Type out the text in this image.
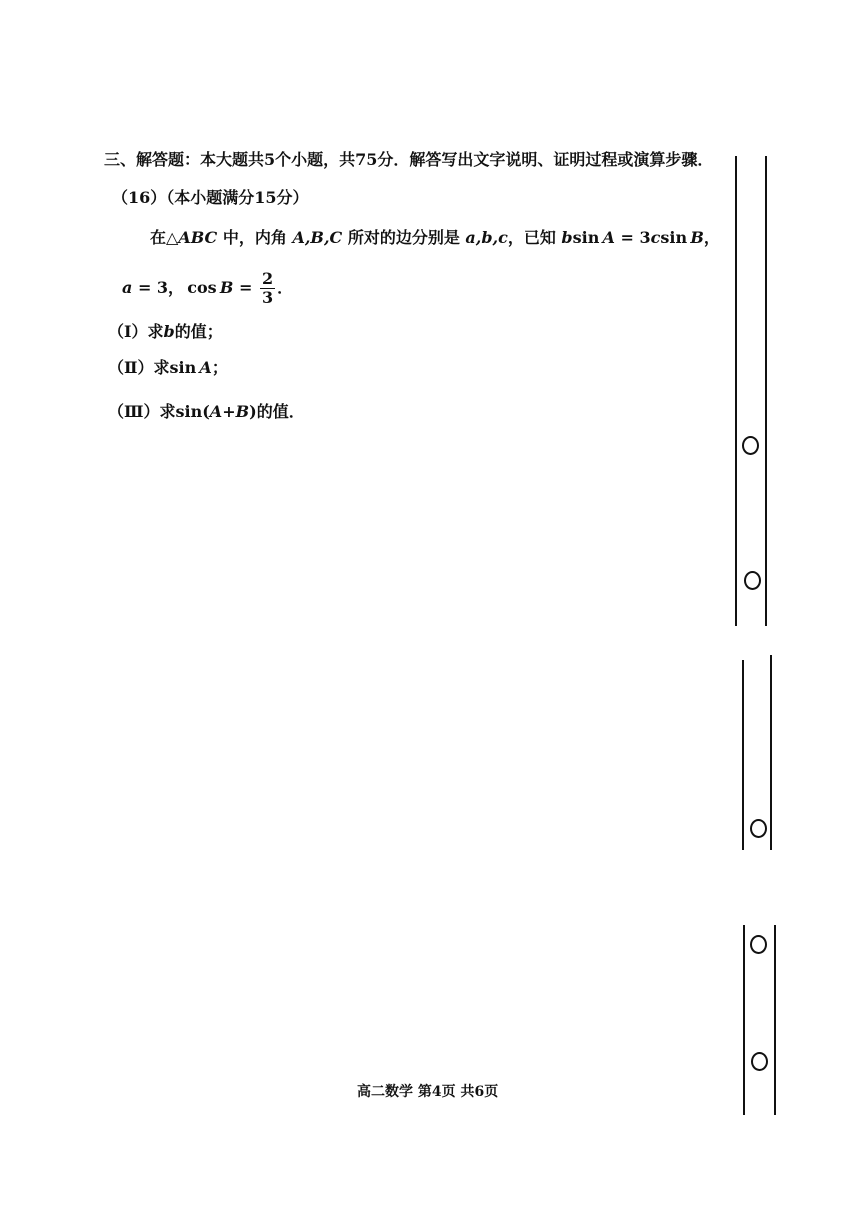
三、解答题：本大题共5个小题，共75分．解答写出文字说明、证明过程或演算步骤．
（16）（本小题满分15分）
在△ABC 中，内角 A,B,C 所对的边分别是 a,b,c，已知 bsin  A = 3csin  B，
a = 3，  $\cos B = \frac{2}{3}$ ．
（Ⅰ）求b的值；
（Ⅱ）求sin  A；
（Ⅲ）求sin(A+B)的值．
高二数学 第4页 共6页
